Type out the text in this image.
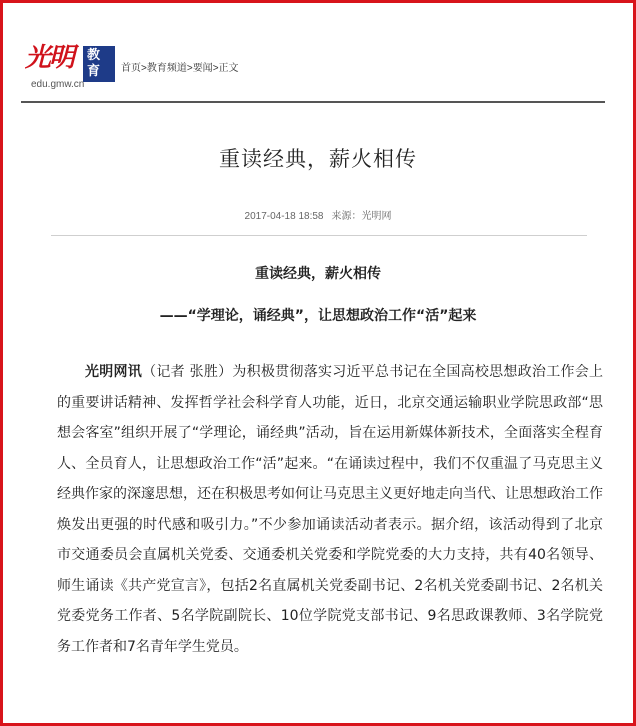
光明	教育
edu.gmw.cn
首页>教育频道>要闻>正文
重读经典，薪火相传
2017-04-18 18:58 来源：光明网
重读经典，薪火相传
——“学理论，诵经典”，让思想政治工作“活”起来

光明网讯（记者 张胜）为积极贯彻落实习近平总书记在全国高校思想政治工作会上的重要讲话精神、发挥哲学社会科学育人功能，近日，北京交通运输职业学院思政部“思想会客室”组织开展了“学理论，诵经典”活动，旨在运用新媒体新技术，全面落实全程育人、全员育人，让思想政治工作“活”起来。“在诵读过程中，我们不仅重温了马克思主义经典作家的深邃思想，还在积极思考如何让马克思主义更好地走向当代、让思想政治工作焕发出更强的时代感和吸引力。”不少参加诵读活动者表示。据介绍，该活动得到了北京市交通委员会直属机关党委、交通委机关党委和学院党委的大力支持，共有40名领导、师生诵读《共产党宣言》，包括2名直属机关党委副书记、2名机关党委副书记、2名机关党委党务工作者、5名学院副院长、10位学院党支部书记、9名思政课教师、3名学院党务工作者和7名青年学生党员。
